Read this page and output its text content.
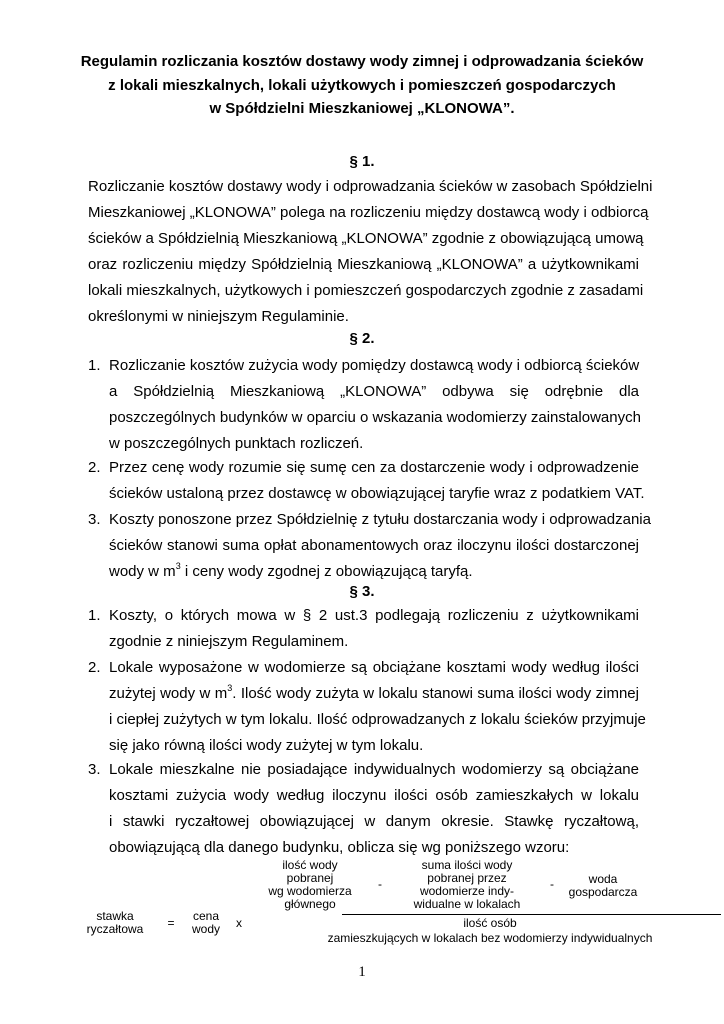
Regulamin rozliczania kosztów dostawy wody zimnej i odprowadzania ścieków
z lokali mieszkalnych, lokali użytkowych i pomieszczeń gospodarczych
w Spółdzielni Mieszkaniowej „KLONOWA”.
§ 1.
Rozliczanie kosztów dostawy wody i odprowadzania ścieków w zasobach Spółdzielni
Mieszkaniowej „KLONOWA” polega na rozliczeniu między dostawcą wody i odbiorcą
ścieków a Spółdzielnią Mieszkaniową „KLONOWA” zgodnie z obowiązującą umową
oraz rozliczeniu między Spółdzielnią Mieszkaniową „KLONOWA” a użytkownikami
lokali mieszkalnych, użytkowych i pomieszczeń gospodarczych zgodnie z zasadami
określonymi w niniejszym Regulaminie.
§ 2.
1. Rozliczanie kosztów zużycia wody pomiędzy dostawcą wody i odbiorcą ścieków
a Spółdzielnią Mieszkaniową „KLONOWA” odbywa się odrębnie dla
poszczególnych budynków w oparciu o wskazania wodomierzy zainstalowanych
w poszczególnych punktach rozliczeń.
2. Przez cenę wody rozumie się sumę cen za dostarczenie wody i odprowadzenie
ścieków ustaloną przez dostawcę w obowiązującej taryfie wraz z podatkiem VAT.
3. Koszty ponoszone przez Spółdzielnię z tytułu dostarczania wody i odprowadzania
ścieków stanowi suma opłat abonamentowych oraz iloczynu ilości dostarczonej
wody w $m^3$ i ceny wody zgodnej z obowiązującą taryfą.
§ 3.
1. Koszty, o których mowa w § 2 ust.3 podlegają rozliczeniu z użytkownikami
zgodnie z niniejszym Regulaminem.
2. Lokale wyposażone w wodomierze są obciążane kosztami wody według ilości
zużytej wody w $m^3$. Ilość wody zużyta w lokalu stanowi suma ilości wody zimnej
i ciepłej zużytych w tym lokalu. Ilość odprowadzanych z lokalu ścieków przyjmuje
się jako równą ilości wody zużytej w tym lokalu.
3. Lokale mieszkalne nie posiadające indywidualnych wodomierzy są obciążane
kosztami zużycia wody według iloczynu ilości osób zamieszkałych w lokalu
i stawki ryczałtowej obowiązującej w danym okresie. Stawkę ryczałtową,
obowiązującą dla danego budynku, oblicza się wg poniższego wzoru:
stawka
ryczałtowa	=	cena
wody	x
ilość wody
pobranej
wg wodomierza
głównego
-
suma ilości wody
pobranej przez
wodomierze indy-
widualne w lokalach
-	woda
gospodarcza
ilość osób
zamieszkujących w lokalach bez wodomierzy indywidualnych
1
